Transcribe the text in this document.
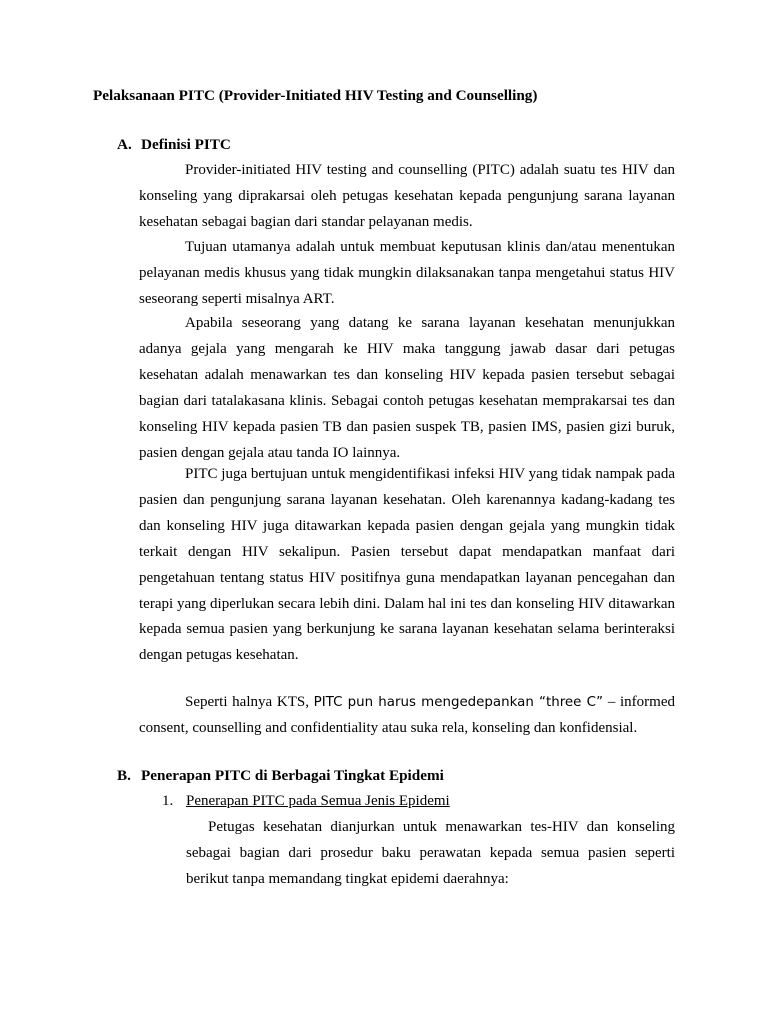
Pelaksanaan PITC (Provider-Initiated HIV Testing and Counselling)
A. Definisi PITC

Provider-initiated HIV testing and counselling (PITC) adalah suatu tes HIV dan konseling yang diprakarsai oleh petugas kesehatan kepada pengunjung sarana layanan kesehatan sebagai bagian dari standar pelayanan medis.

Tujuan utamanya adalah untuk membuat keputusan klinis dan/atau menentukan pelayanan medis khusus yang tidak mungkin dilaksanakan tanpa mengetahui status HIV seseorang seperti misalnya ART.

Apabila seseorang yang datang ke sarana layanan kesehatan menunjukkan adanya gejala yang mengarah ke HIV maka tanggung jawab dasar dari petugas kesehatan adalah menawarkan tes dan konseling HIV kepada pasien tersebut sebagai bagian dari tatalakasana klinis. Sebagai contoh petugas kesehatan memprakarsai tes dan konseling HIV kepada pasien TB dan pasien suspek TB, pasien IMS, pasien gizi buruk, pasien dengan gejala atau tanda IO lainnya.

PITC juga bertujuan untuk mengidentifikasi infeksi HIV yang tidak nampak pada pasien dan pengunjung sarana layanan kesehatan. Oleh karenannya kadang-kadang tes dan konseling HIV juga ditawarkan kepada pasien dengan gejala yang mungkin tidak terkait dengan HIV sekalipun. Pasien tersebut dapat mendapatkan manfaat dari pengetahuan tentang status HIV positifnya guna mendapatkan layanan pencegahan dan terapi yang diperlukan secara lebih dini. Dalam hal ini tes dan konseling HIV ditawarkan kepada semua pasien yang berkunjung ke sarana layanan kesehatan selama berinteraksi dengan petugas kesehatan.

Seperti halnya KTS, PITC pun harus mengedepankan “three C” – informed consent, counselling and confidentiality atau suka rela, konseling dan konfidensial.

B. Penerapan PITC di Berbagai Tingkat Epidemi
1. Penerapan PITC pada Semua Jenis Epidemi

Petugas kesehatan dianjurkan untuk menawarkan tes-HIV dan konseling sebagai bagian dari prosedur baku perawatan kepada semua pasien seperti berikut tanpa memandang tingkat epidemi daerahnya:
